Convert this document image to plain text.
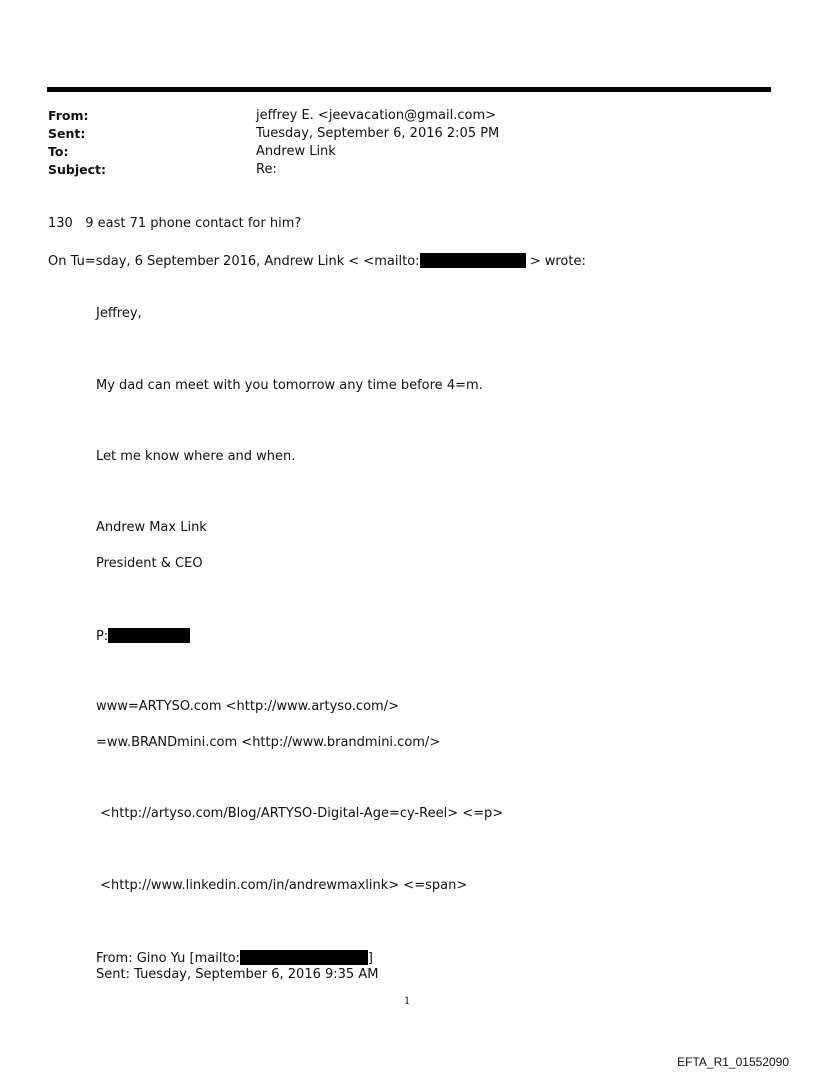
From:	jeffrey E. <jeevacation@gmail.com>
Sent:	Tuesday, September 6, 2016 2:05 PM
To:	Andrew Link
Subject:	Re:
130   9 east 71 phone contact for him?
On Tu=sday, 6 September 2016, Andrew Link < <mailto:	> wrote:
Jeffrey,
My dad can meet with you tomorrow any time before 4=m.
Let me know where and when.
Andrew Max Link
President & CEO
P:
www=ARTYSO.com <http://www.artyso.com/>
=ww.BRANDmini.com <http://www.brandmini.com/>
<http://artyso.com/Blog/ARTYSO-Digital-Age=cy-Reel> <=p>
<http://www.linkedin.com/in/andrewmaxlink> <=span>
From: Gino Yu [mailto:	]
Sent: Tuesday, September 6, 2016 9:35 AM
1
EFTA_R1_01552090
